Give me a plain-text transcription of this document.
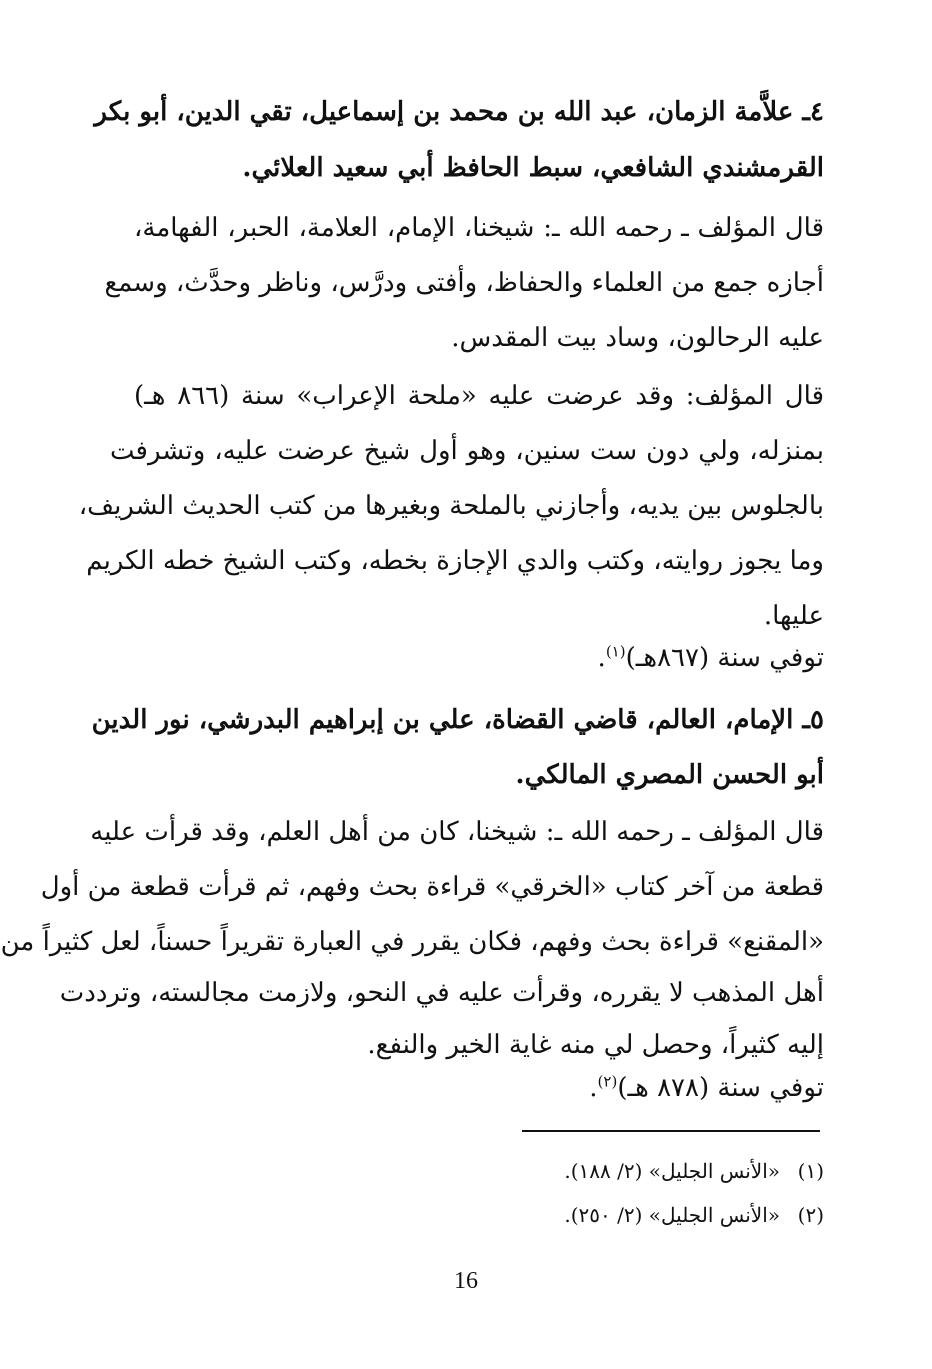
٤ـ علاَّمة الزمان، عبد الله بن محمد بن إسماعيل، تقي الدين، أبو بكر
القرمشندي الشافعي، سبط الحافظ أبي سعيد العلائي.
قال المؤلف ـ رحمه الله ـ: شيخنا، الإمام، العلامة، الحبر، الفهامة،
أجازه جمع من العلماء والحفاظ، وأفتى ودرَّس، وناظر وحدَّث، وسمع
عليه الرحالون، وساد بيت المقدس.
قال المؤلف: وقد عرضت عليه «ملحة الإعراب» سنة (٨٦٦ هـ)
بمنزله، ولي دون ست سنين، وهو أول شيخ عرضت عليه، وتشرفت
بالجلوس بين يديه، وأجازني بالملحة وبغيرها من كتب الحديث الشريف،
وما يجوز روايته، وكتب والدي الإجازة بخطه، وكتب الشيخ خطه الكريم
عليها.
توفي سنة (٨٦٧هـ)$^{(١)}$.
٥ـ الإمام، العالم، قاضي القضاة، علي بن إبراهيم البدرشي، نور الدين
أبو الحسن المصري المالكي.
قال المؤلف ـ رحمه الله ـ: شيخنا، كان من أهل العلم، وقد قرأت عليه
قطعة من آخر كتاب «الخرقي» قراءة بحث وفهم، ثم قرأت قطعة من أول
«المقنع» قراءة بحث وفهم، فكان يقرر في العبارة تقريراً حسناً، لعل كثيراً من
أهل المذهب لا يقرره، وقرأت عليه في النحو، ولازمت مجالسته، وترددت
إليه كثيراً، وحصل لي منه غاية الخير والنفع.
توفي سنة (٨٧٨ هـ)$^{(٢)}$.
(١)«الأنس الجليل» (٢/ ١٨٨).
(٢)«الأنس الجليل» (٢/ ٢٥٠).
16
